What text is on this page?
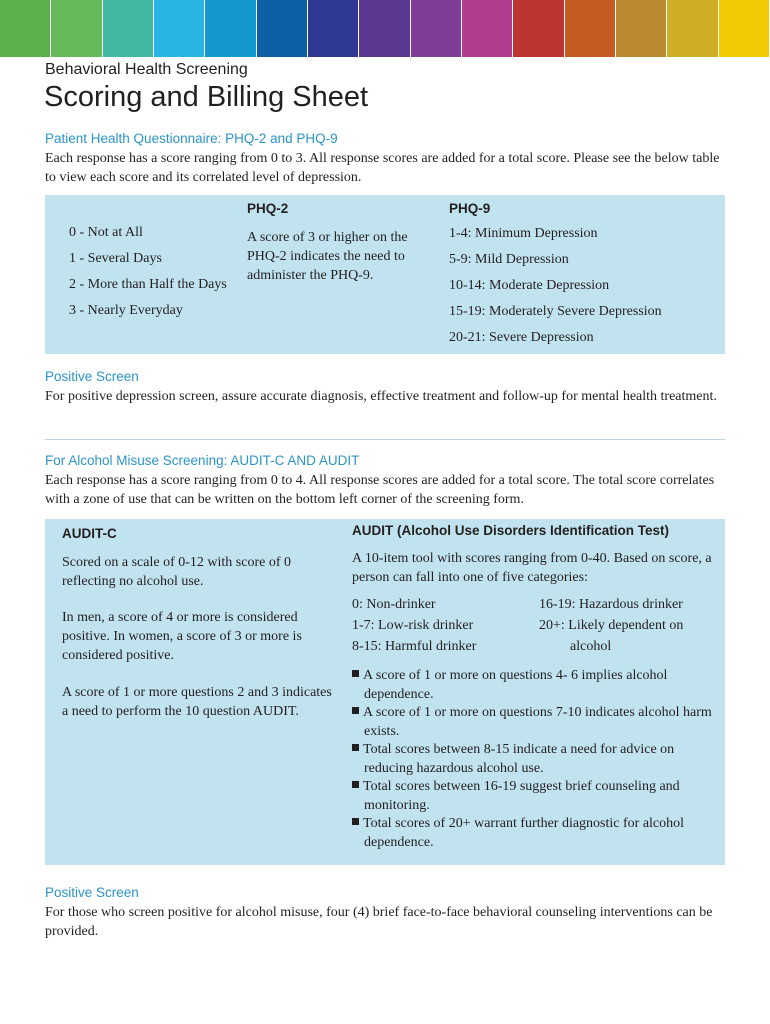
Behavioral Health Screening
Scoring and Billing Sheet
Patient Health Questionnaire: PHQ-2 and PHQ-9
Each response has a score ranging from 0 to 3. All response scores are added for a total score. Please see the below table to view each score and its correlated level of depression.
PHQ-2	PHQ-9
0 - Not at All
1 - Several Days
2 - More than Half the Days
3 - Nearly Everyday
A score of 3 or higher on the PHQ-2 indicates the need to administer the PHQ-9.
1-4: Minimum Depression
5-9: Mild Depression
10-14: Moderate Depression
15-19: Moderately Severe Depression
20-21: Severe Depression
Positive Screen
For positive depression screen, assure accurate diagnosis, effective treatment and follow-up for mental health treatment.
For Alcohol Misuse Screening: AUDIT-C AND AUDIT
Each response has a score ranging from 0 to 4. All response scores are added for a total score. The total score correlates with a zone of use that can be written on the bottom left corner of the screening form.
AUDIT-C
Scored on a scale of 0-12 with score of 0 reflecting no alcohol use.
In men, a score of 4 or more is considered positive. In women, a score of 3 or more is considered positive.
A score of 1 or more questions 2 and 3 indicates a need to perform the 10 question AUDIT.
AUDIT (Alcohol Use Disorders Identification Test)
A 10-item tool with scores ranging from 0-40. Based on score, a person can fall into one of five categories:
0: Non-drinker
1-7: Low-risk drinker
8-15: Harmful drinker
16-19: Hazardous drinker
20+: Likely dependent on
alcohol
A score of 1 or more on questions 4- 6 implies alcohol dependence.
A score of 1 or more on questions 7-10 indicates alcohol harm exists.
Total scores between 8-15 indicate a need for advice on reducing hazardous alcohol use.
Total scores between 16-19 suggest brief counseling and monitoring.
Total scores of 20+ warrant further diagnostic for alcohol dependence.
Positive Screen
For those who screen positive for alcohol misuse, four (4) brief face-to-face behavioral counseling interventions can be provided.
